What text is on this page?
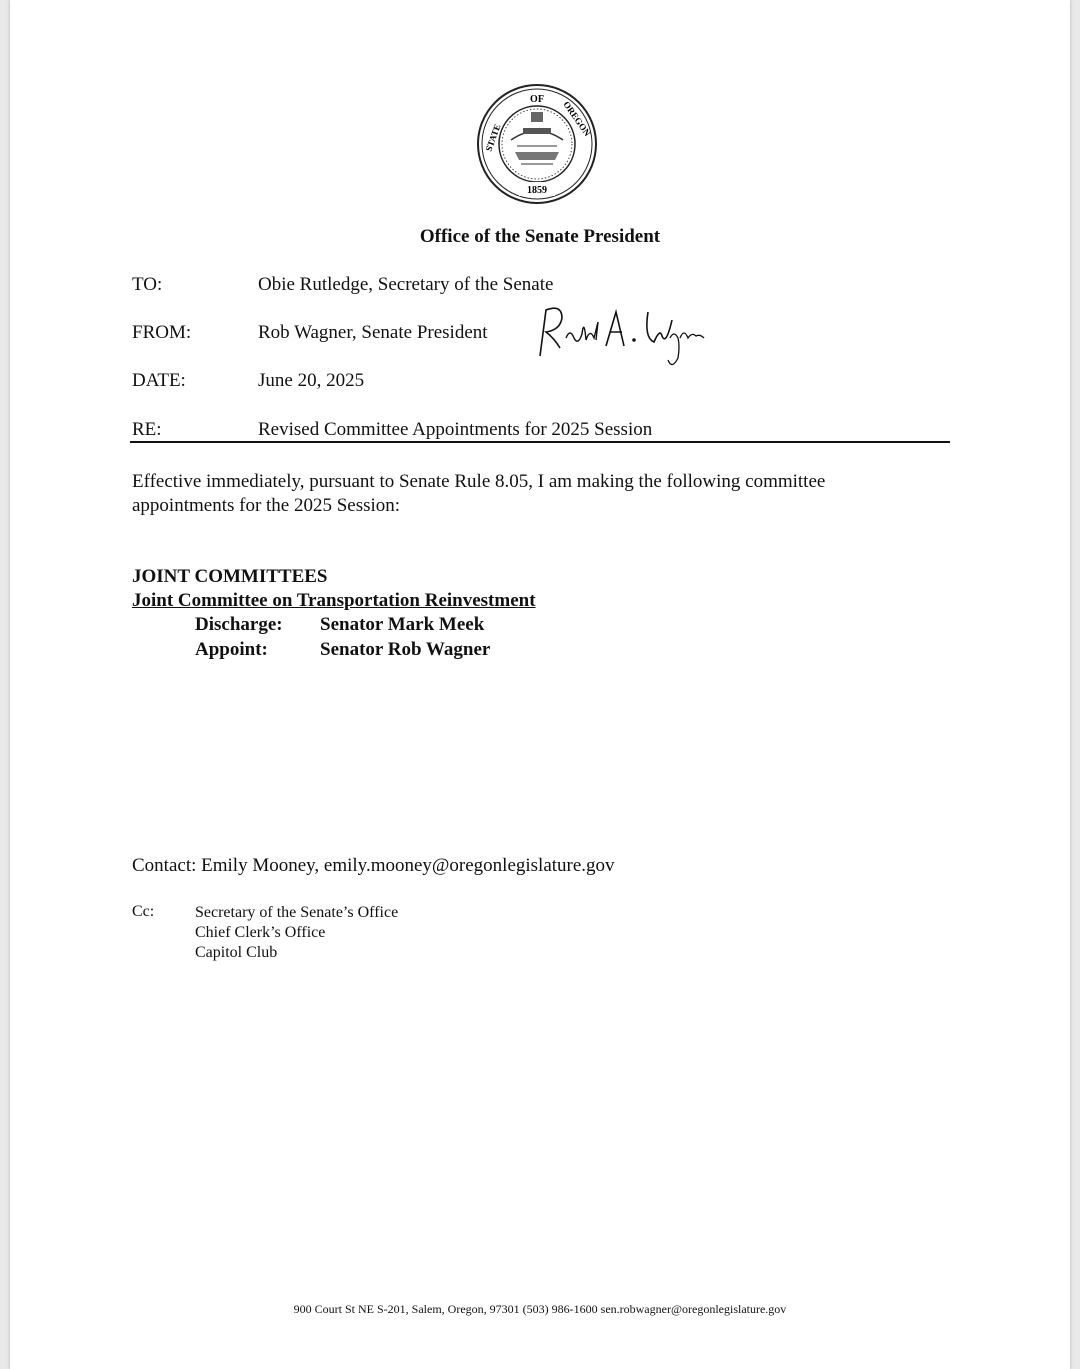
OF
STATE	OREGON
1859
Office of the Senate President
TO:	Obie Rutledge, Secretary of the Senate
FROM:	Rob Wagner, Senate President
DATE:	June 20, 2025
RE:	Revised Committee Appointments for 2025 Session
Effective immediately, pursuant to Senate Rule 8.05, I am making the following committee
appointments for the 2025 Session:
JOINT COMMITTEES
Joint Committee on Transportation Reinvestment
Discharge: Senator Mark Meek
Appoint:	Senator Rob Wagner
Contact: Emily Mooney, emily.mooney@oregonlegislature.gov
Cc:	Secretary of the Senate’s Office
Chief Clerk’s Office
Capitol Club
900 Court St NE S-201, Salem, Oregon, 97301 (503) 986-1600 sen.robwagner@oregonlegislature.gov
